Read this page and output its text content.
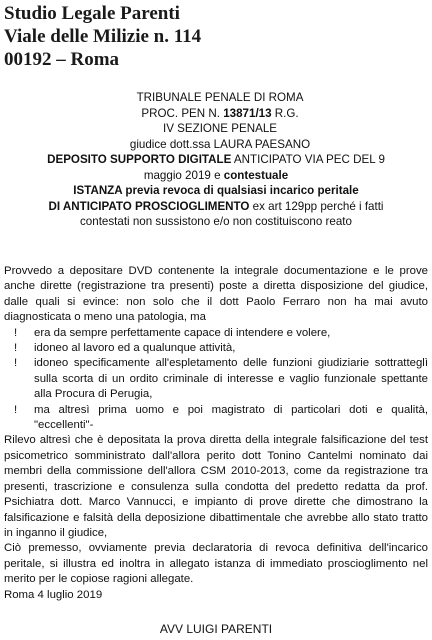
Studio Legale Parenti
Viale delle Milizie n. 114
00192 – Roma
TRIBUNALE PENALE DI ROMA
PROC. PEN N. 13871/13 R.G.
IV SEZIONE PENALE
giudice dott.ssa LAURA PAESANO
DEPOSITO SUPPORTO DIGITALE ANTICIPATO VIA PEC DEL 9
maggio 2019 e contestuale
ISTANZA previa revoca di qualsiasi incarico peritale
DI ANTICIPATO PROSCIOGLIMENTO ex art 129pp perché i fatti
contestati non sussistono e/o non costituiscono reato

Provvedo a depositare DVD contenente la integrale documentazione e le prove anche dirette (registrazione tra presenti) poste a diretta disposizione del giudice, dalle quali si evince: non solo che il dott Paolo Ferraro non ha mai avuto diagnosticata o meno una patologia, ma

! era da sempre perfettamente capace di intendere e volere,
! idoneo al lavoro ed a qualunque attività,
! idoneo specificamente all'espletamento delle funzioni giudiziarie sottratteglì sulla scorta di un ordito criminale di interesse e vaglio funzionale spettante alla Procura di Perugia,
! ma altresì prima uomo e poi magistrato di particolari doti e qualità, "eccellenti"-

Rilevo altresì che è depositata la prova diretta della integrale falsificazione del test psicometrico somministrato dall'allora perito dott Tonino Cantelmi nominato dai membri della commissione dell'allora CSM 2010-2013, come da registrazione tra presenti, trascrizione e consulenza sulla condotta del predetto redatta da prof. Psichiatra dott. Marco Vannucci, e impianto di prove dirette che dimostrano la falsificazione e falsità della deposizione dibattimentale che avrebbe allo stato tratto in inganno il giudice,

Ciò premesso, ovviamente previa declaratoria di revoca definitiva dell'incarico peritale, si illustra ed inoltra in allegato istanza di immediato proscioglimento nel merito per le copiose ragioni allegate.

Roma 4 luglio 2019

AVV LUIGI PARENTI
